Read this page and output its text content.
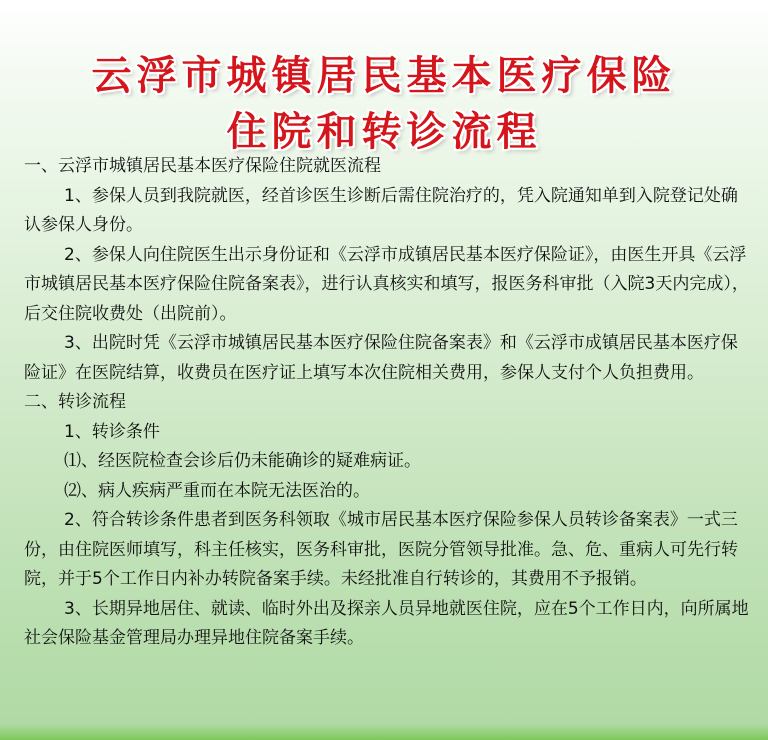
云浮市城镇居民基本医疗保险
住院和转诊流程

一、云浮市城镇居民基本医疗保险住院就医流程

1、参保人员到我院就医，经首诊医生诊断后需住院治疗的，凭入院通知单到入院登记处确认参保人身份。

2、参保人向住院医生出示身份证和《云浮市成镇居民基本医疗保险证》，由医生开具《云浮市城镇居民基本医疗保险住院备案表》，进行认真核实和填写，报医务科审批（入院3天内完成），后交住院收费处（出院前）。

3、出院时凭《云浮市城镇居民基本医疗保险住院备案表》和《云浮市成镇居民基本医疗保险证》在医院结算，收费员在医疗证上填写本次住院相关费用，参保人支付个人负担费用。

二、转诊流程

1、转诊条件

⑴、经医院检查会诊后仍未能确诊的疑难病证。

⑵、病人疾病严重而在本院无法医治的。

2、符合转诊条件患者到医务科领取《城市居民基本医疗保险参保人员转诊备案表》一式三份，由住院医师填写，科主任核实，医务科审批，医院分管领导批准。急、危、重病人可先行转院，并于5个工作日内补办转院备案手续。未经批准自行转诊的，其费用不予报销。

3、长期异地居住、就读、临时外出及探亲人员异地就医住院，应在5个工作日内，向所属地社会保险基金管理局办理异地住院备案手续。
